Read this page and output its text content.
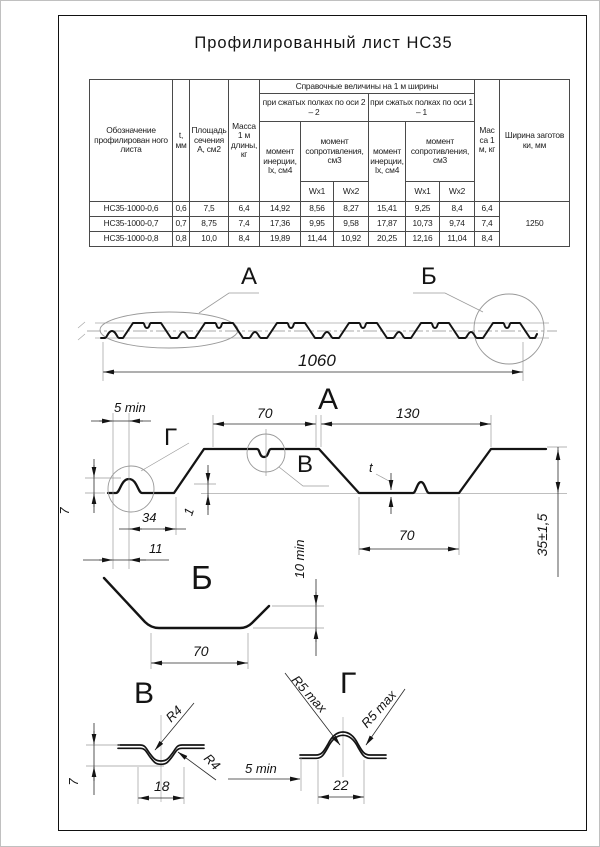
Профилированный лист НС35
Обозначение профилирован ного листа	t, мм	Площадь сечения А, см2	Масса 1 м длины, кг	Справочные величины на 1 м ширины						Мас са 1 м, кг	Ширина заготов ки, мм
				при сжатых полках по оси 2 – 2			при сжатых полках по оси 1 – 1				
				момент инерции, Ix, см4	момент сопротивления, см3		момент инерции, Ix, см4	момент сопротивления, см3			
					Wx1	Wx2		Wx1	Wx2		
НС35-1000-0,6	0,6	7,5	6,4	14,92	8,56	8,27	15,41	9,25	8,4	6,4	1250
НС35-1000-0,7	0,7	8,75	7,4	17,36	9,95	9,58	17,87	10,73	9,74	7,4	
НС35-1000-0,8	0,8	10,0	8,4	19,89	11,44	10,92	20,25	12,16	11,04	8,4	
А	Б
1060
А
5 min
Г
7	34
11
1
70	130
В	t
70	35±1,5
Б
70
10 min
В
R4
R4
18
7
Г
R5 max R5 max
5 min
22
